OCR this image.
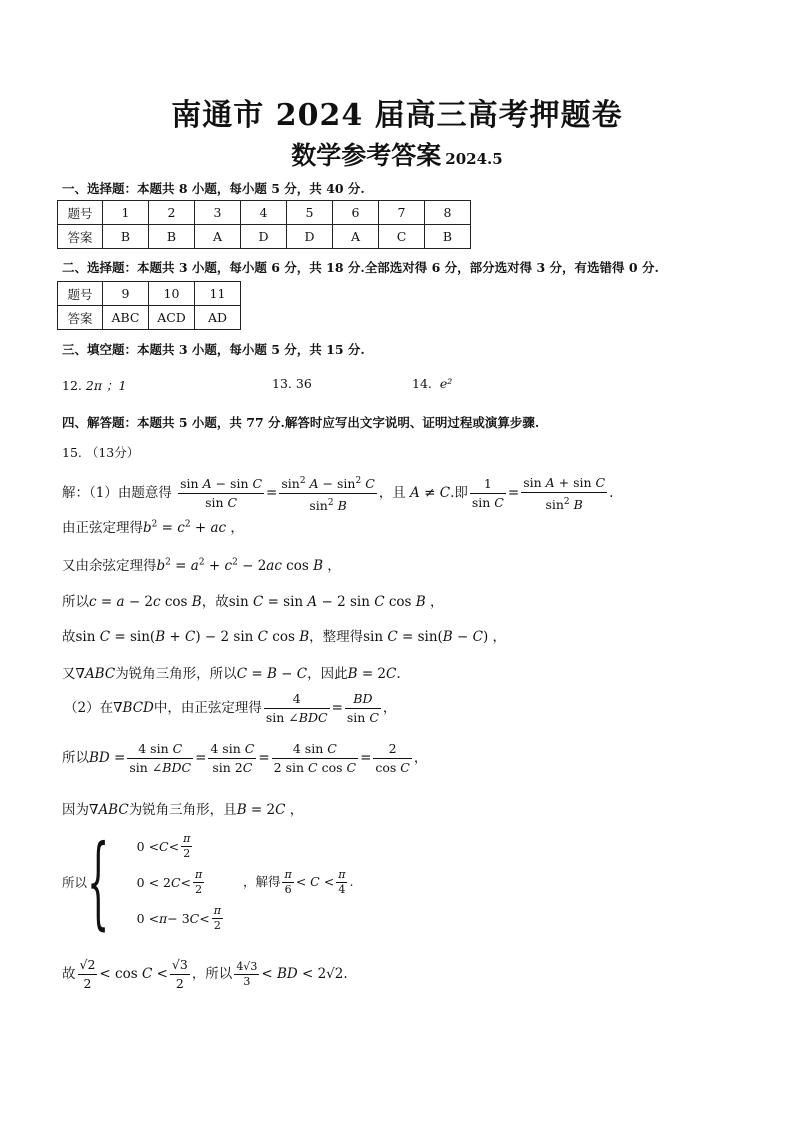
南通市 2024 届高三高考押题卷
数学参考答案 2024.5
一、选择题：本题共 8 小题，每小题 5 分，共 40 分.
题号	1	2	3	4	5	6	7	8
答案	B	B	A	D	D	A	C	B
二、选择题：本题共 3 小题，每小题 6 分，共 18 分.全部选对得 6 分，部分选对得 3 分，有选错得 0 分.
题号	9	10	11
答案	ABC	ACD	AD
三、填空题：本题共 3 小题，每小题 5 分，共 15 分.
12. 2π ；1	13. 36	14. e²
四、解答题：本题共 5 小题，共 77 分.解答时应写出文字说明、证明过程或演算步骤.
15. （13分）
解：（1）由题意得 $\frac{\text{sin A − sin C}}{\text{sin C}} = \frac{\sin^2 A - \sin^2 C}{\sin^2 B}$ ，且 A ≠ C.即 $\frac{1}{\text{sin C}} = \frac{\text{sin A + sin C}}{\sin^2 B}$ .
由正弦定理得$b^2 = c^2$ + ac ，
又由余弦定理得$b^2 = a^2 + c^2 - 2ac$ cos B ，
所以c = a − 2c cos B，故sin C = sin A − 2 sin C cos B ，
故sin C = sin(B + C) − 2 sin C cos B，整理得sin C = sin(B − C) ，
又∇ABC为锐角三角形，所以C = B − C，因此B = 2C.
（2）在∇BCD中，由正弦定理得 $\frac{4}{\text{sin ∠BDC}} = \frac{BD}{\text{sin C}}$ ，
所以BD = $\frac{\text{4 sin C}}{\text{sin ∠BDC}} = \frac{\text{4 sin C}}{\sin 2C} = \frac{\text{4 sin C}}{\text{2 sin C cos C}} = \frac{2}{\text{cos C}}$ ，
因为∇ABC为锐角三角形，且B = 2C ，
所以{ $0 < C < \frac{\pi}{2}$
0 < 2 $C < \frac{\pi}{2}$
0 < π − 3 $C < \frac{\pi}{2}$
，解得 $\frac{\pi}{6} < C < \frac{\pi}{4}$ .
故 $\frac{√2}{2} < \cos C < \frac{√3}{2}$ ，所以 $\frac{4√3}{3}$ < BD < 2√2.
